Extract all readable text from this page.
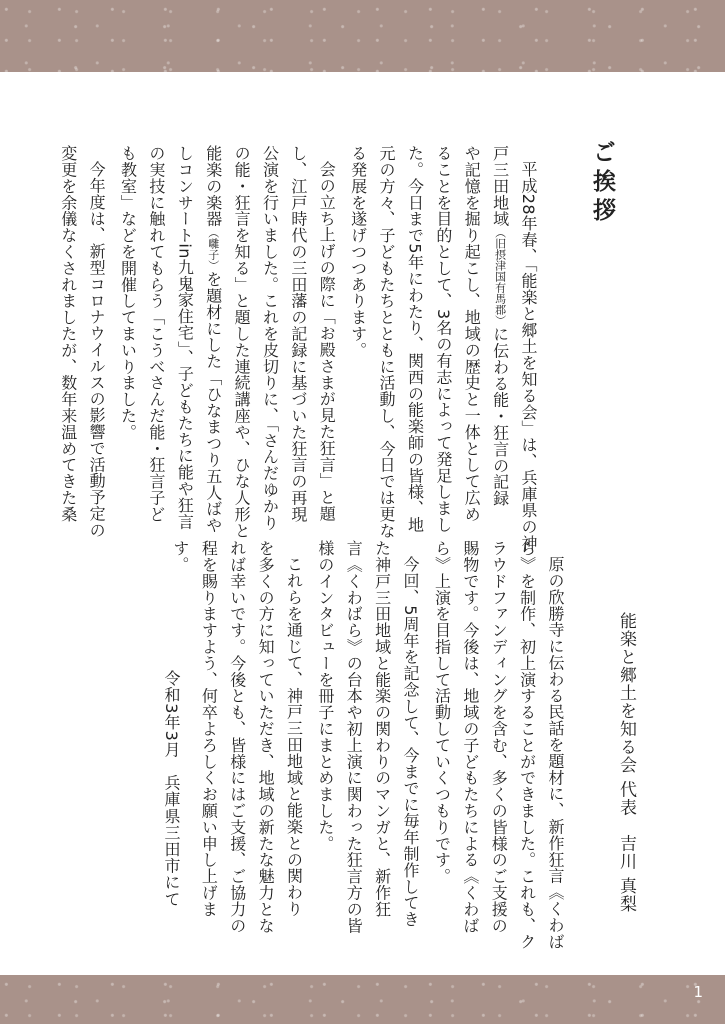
1
ご挨拶
平成28年春、「能楽と郷土を知る会」は、兵庫県の神
戸三田地域（旧摂津国有馬郡）に伝わる能・狂言の記録
や記憶を掘り起こし、地域の歴史と一体として広め
ることを目的として、3名の有志によって発足しまし
た。今日まで5年にわたり、関西の能楽師の皆様、地
元の方々、子どもたちとともに活動し、今日では更な
る発展を遂げつつあります。
会の立ち上げの際に「お殿さまが見た狂言」と題
し、江戸時代の三田藩の記録に基づいた狂言の再現
公演を行いました。これを皮切りに、「さんだゆかり
の能・狂言を知る」と題した連続講座や、ひな人形と
能楽の楽器（囃子）を題材にした「ひなまつり五人ばや
しコンサートin九鬼家住宅」、子どもたちに能や狂言
の実技に触れてもらう「こうべさんだ能・狂言子ど
も教室」などを開催してまいりました。
今年度は、新型コロナウイルスの影響で活動予定の
変更を余儀なくされましたが、数年来温めてきた桑
能楽と郷土を知る会 代表　吉川 真梨
原の欣勝寺に伝わる民話を題材に、新作狂言《くわば
ら》を制作、初上演することができました。これも、ク
ラウドファンディングを含む、多くの皆様のご支援の
賜物です。今後は、地域の子どもたちによる《くわば
ら》上演を目指して活動していくつもりです。
今回、5周年を記念して、今までに毎年制作してき
た神戸三田地域と能楽の関わりのマンガと、新作狂
言《くわばら》の台本や初上演に関わった狂言方の皆
様のインタビューを冊子にまとめました。
これらを通じて、神戸三田地域と能楽との関わり
を多くの方に知っていただき、地域の新たな魅力とな
れば幸いです。今後とも、皆様にはご支援、ご協力の
程を賜りますよう、何卒よろしくお願い申し上げま
す。
令和3年3月　兵庫県三田市にて
